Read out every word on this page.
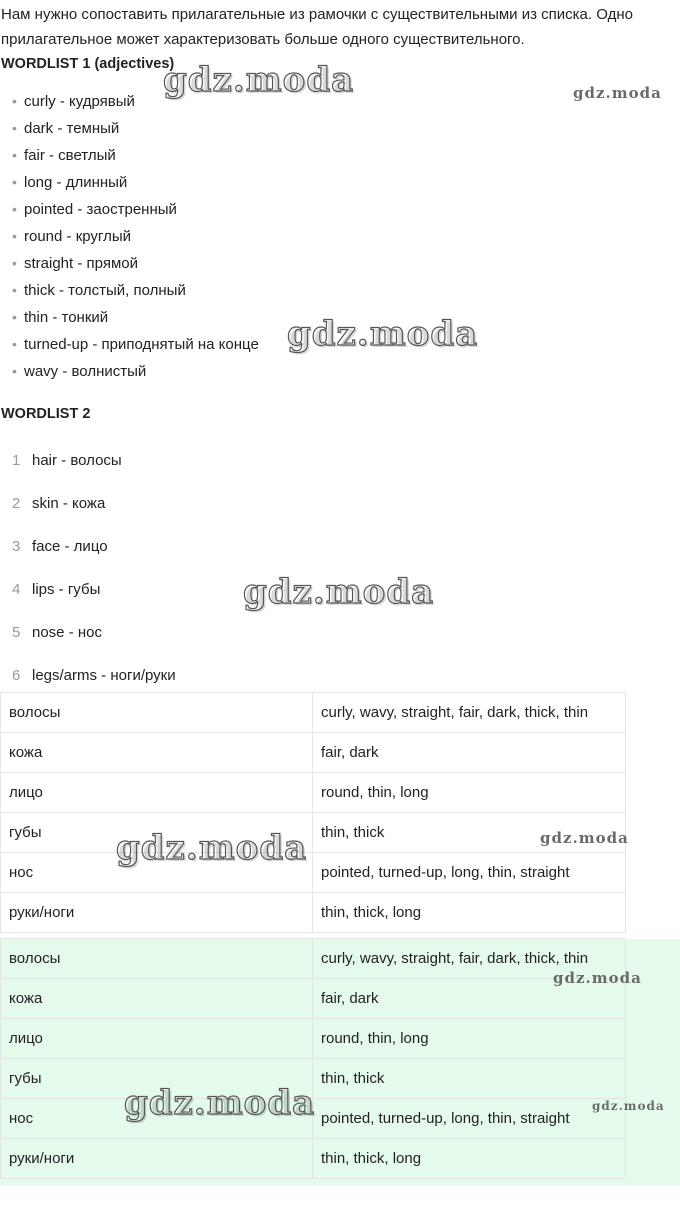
Нам нужно сопоставить прилагательные из рамочки с существительными из списка. Одно прилагательное может характеризовать больше одного существительного.

WORDLIST 1 (adjectives)
• curly - кудрявый
• dark - темный
• fair - светлый
• long - длинный
• pointed - заостренный
• round - круглый
• straight - прямой
• thick - толстый, полный
• thin - тонкий
• turned-up - приподнятый на конце
• wavy - волнистый
WORDLIST 2
1 hair - волосы
2 skin - кожа
3 face - лицо
4 lips - губы
5 nose - нос
6 legs/arms - ноги/руки
волосы	curly, wavy, straight, fair, dark, thick, thin
кожа	fair, dark
лицо	round, thin, long
губы	thin, thick
нос	pointed, turned-up, long, thin, straight
руки/ноги	thin, thick, long
волосы	curly, wavy, straight, fair, dark, thick, thin
кожа	fair, dark
лицо	round, thin, long
губы	thin, thick
нос	pointed, turned-up, long, thin, straight
руки/ноги	thin, thick, long
gdz.moda	gdz.moda
gdz.moda
gdz.moda
gdz.moda	gdz.moda
gdz.moda
gdz.moda	gdz.moda
